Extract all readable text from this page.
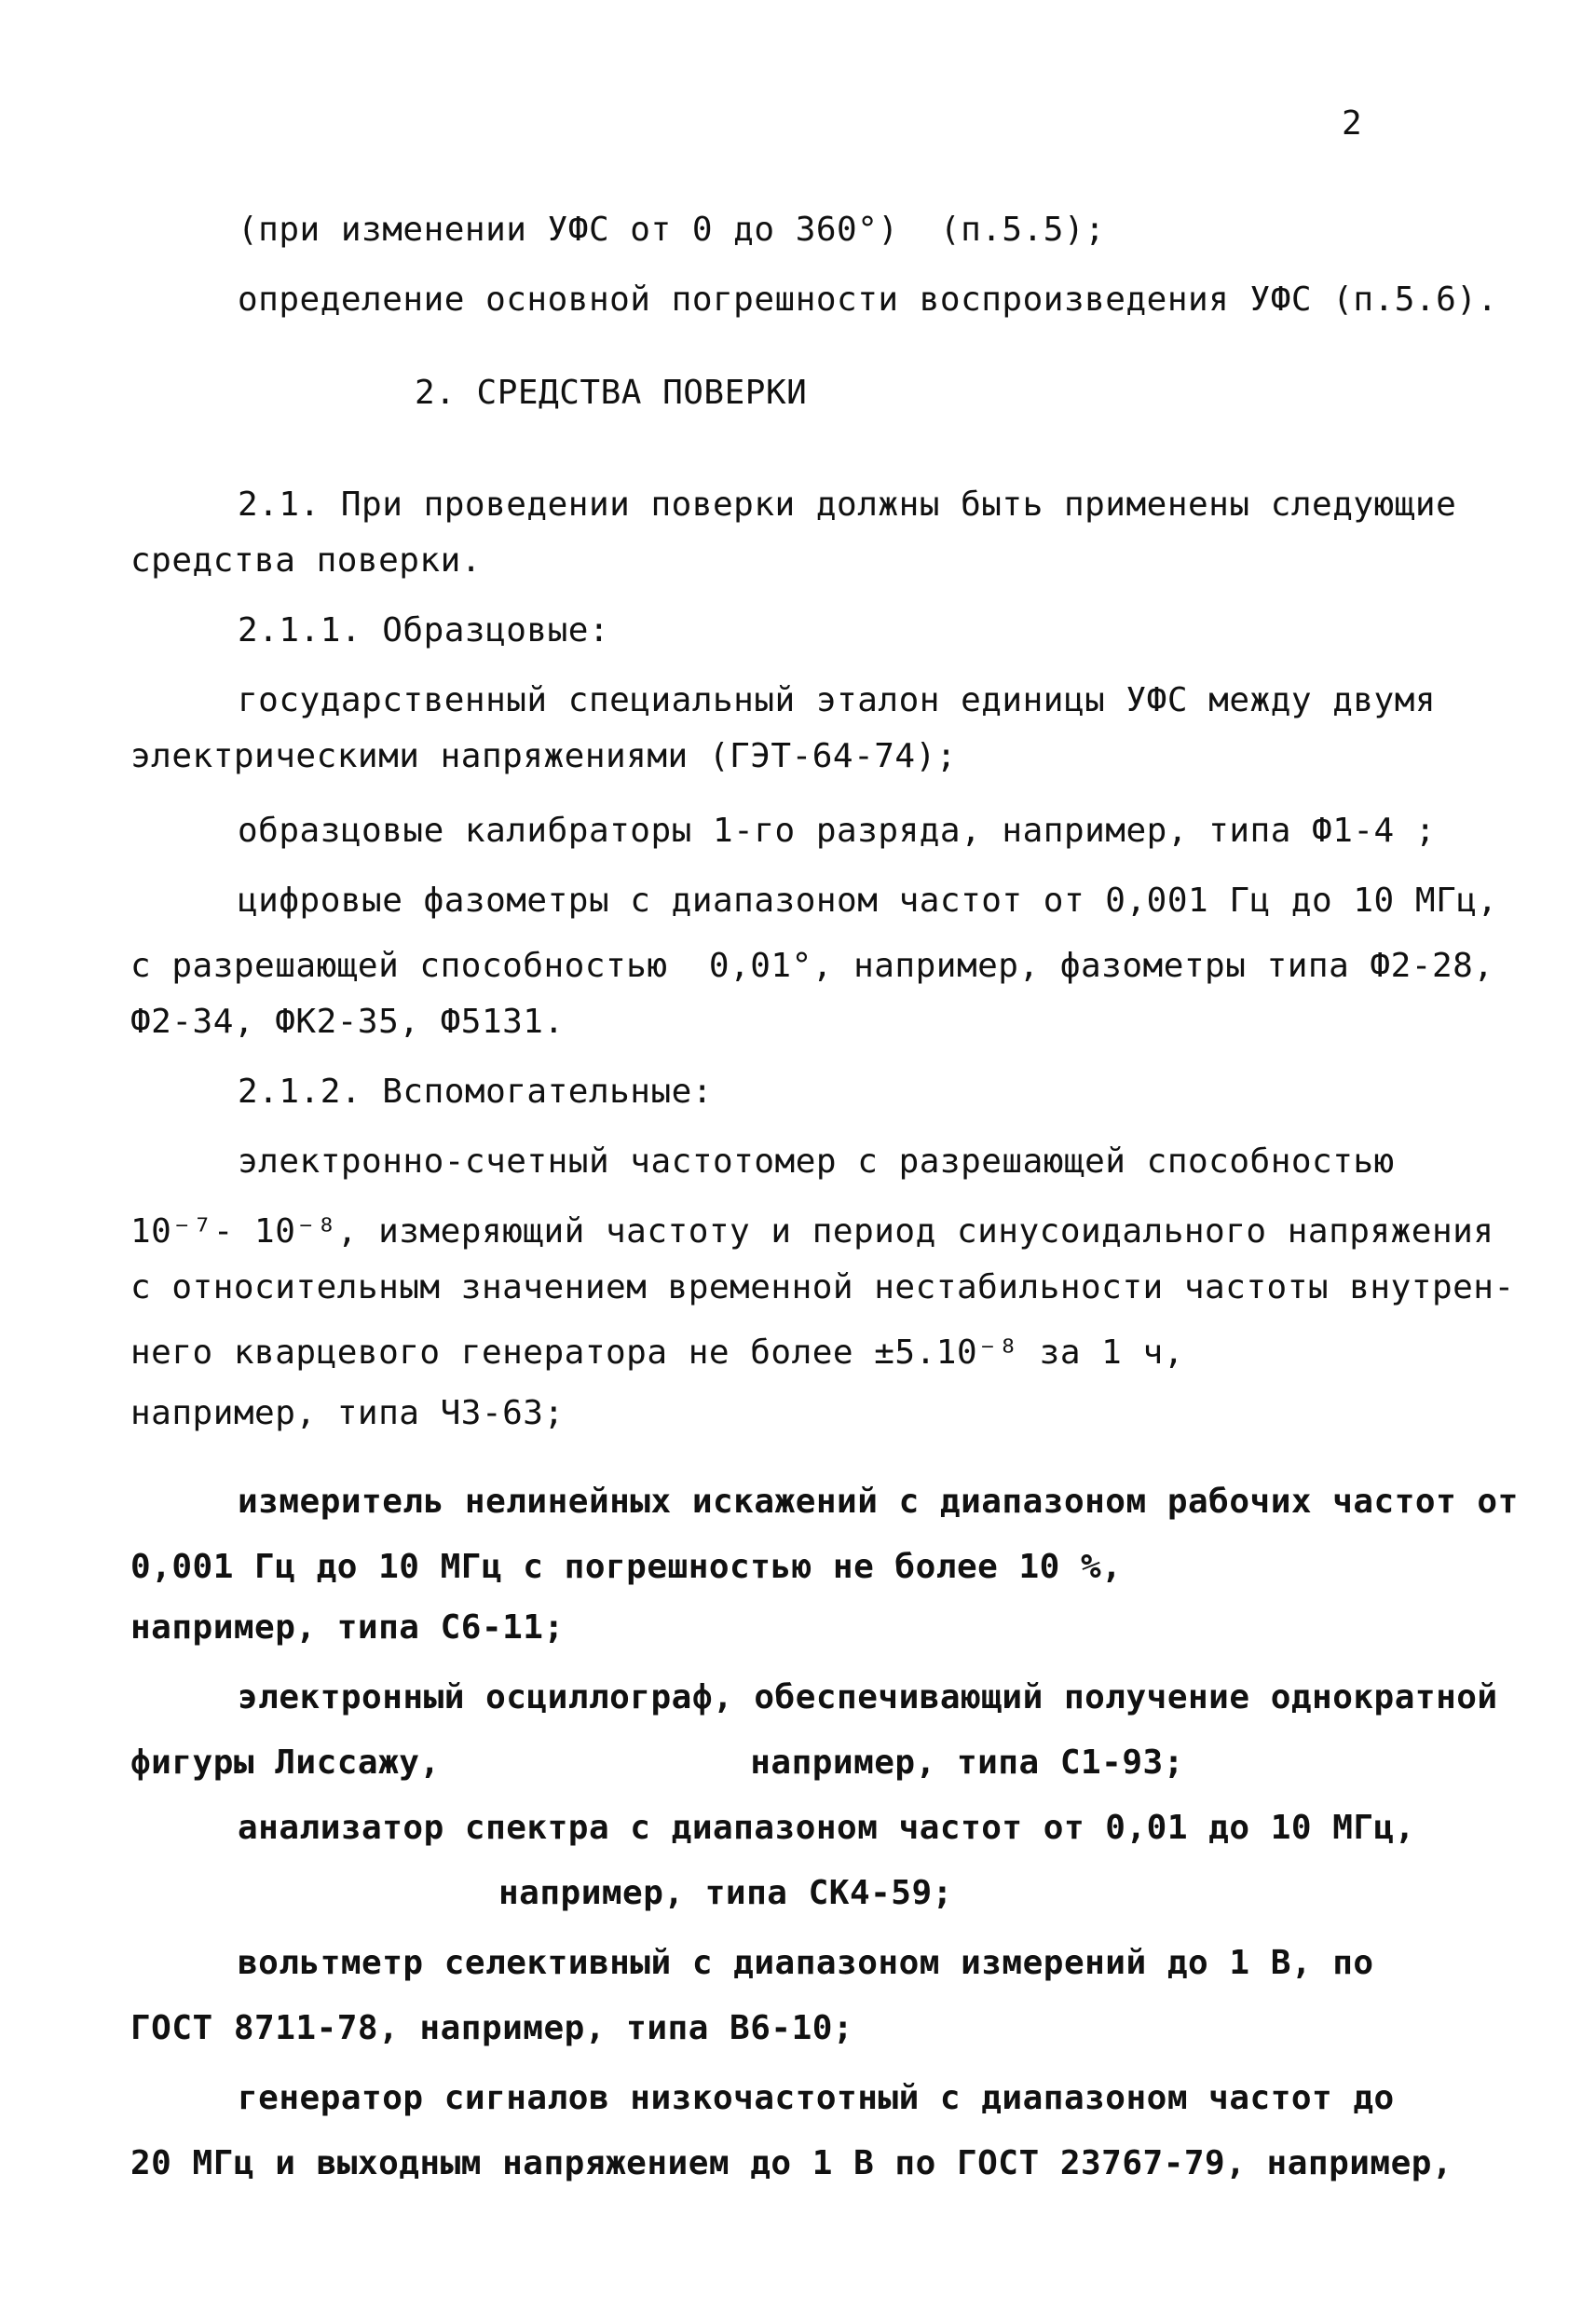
2
(при изменении УФС от 0 до 360°)  (п.5.5);
определение основной погрешности воспроизведения УФС (п.5.6).
2. СРЕДСТВА ПОВЕРКИ
2.1. При проведении поверки должны быть применены следующие
средства поверки.
2.1.1. Образцовые:
государственный специальный эталон единицы УФС между двумя
электрическими напряжениями (ГЭТ-64-74);
образцовые калибраторы 1-го разряда, например, типа Ф1-4 ;
цифровые фазометры с диапазоном частот от 0,001 Гц до 10 МГц,
с разрешающей способностью  0,01°, например, фазометры типа Ф2-28,
Ф2-34, ФК2-35, Ф5131.
2.1.2. Вспомогательные:
электронно-счетный частотомер с разрешающей способностью
10⁻⁷- 10⁻⁸, измеряющий частоту и период синусоидального напряжения
с относительным значением временной нестабильности частоты внутрен-
него кварцевого генератора не более ±5.10⁻⁸ за 1 ч,
например, типа Ч3-63;
измеритель нелинейных искажений с диапазоном рабочих частот от
0,001 Гц до 10 МГц с погрешностью не более 10 %,
например, типа С6-11;
электронный осциллограф, обеспечивающий получение однократной
фигуры Лиссажу,               например, типа С1-93;
анализатор спектра с диапазоном частот от 0,01 до 10 МГц,
например, типа СК4-59;
вольтметр селективный с диапазоном измерений до 1 В, по
ГОСТ 8711-78, например, типа В6-10;
генератор сигналов низкочастотный с диапазоном частот до
20 МГц и выходным напряжением до 1 В по ГОСТ 23767-79, например,
